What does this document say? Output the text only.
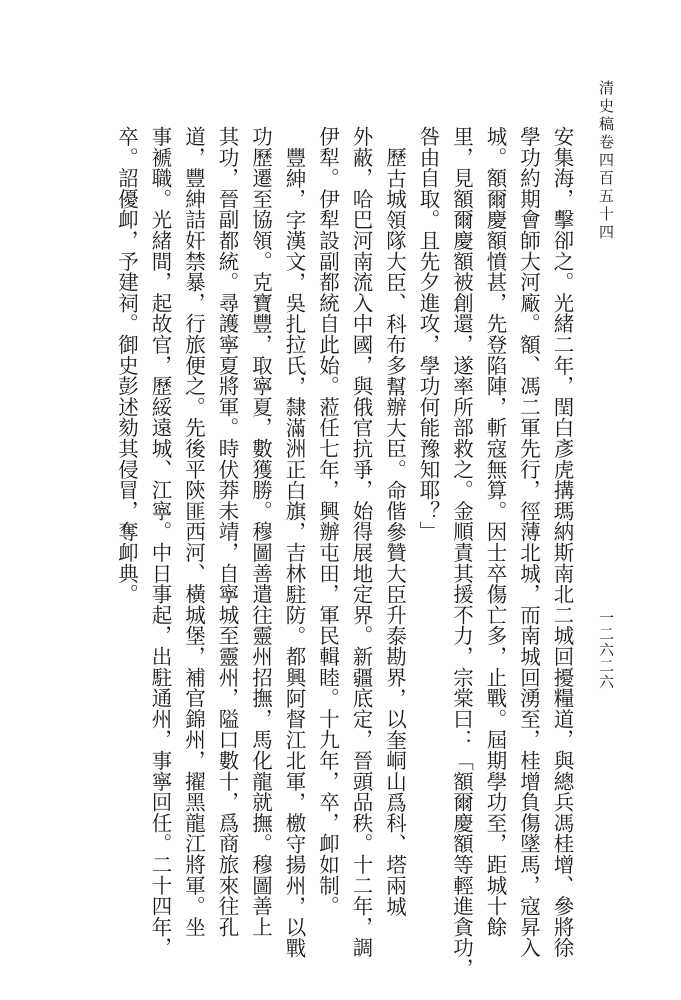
清史稿卷四百五十四
一二六二六
安集海，擊卻之。光緒二年，閏白彥虎搆瑪納斯南北二城回擾糧道，與總兵馮桂增、參將徐
學功約期會師大河廠。額、馮二軍先行，徑薄北城，而南城回湧至，桂增負傷墜馬，寇昇入
城。額爾慶額憤甚，先登陷陣，斬寇無算。因士卒傷亡多，止戰。屆期學功至，距城十餘
里，見額爾慶額被創還，遂率所部救之。金順責其援不力，宗棠曰：「額爾慶額等輕進貪功，
咎由自取。且先夕進攻，學功何能豫知耶？」
歷古城領隊大臣、科布多幫辦大臣。命偕參贊大臣升泰勘界，以奎峒山爲科、塔兩城
外蔽，哈巴河南流入中國，與俄官抗爭，始得展地定界。新疆底定，晉頭品秩。十二年，調
伊犁。伊犁設副都統自此始。蒞任七年，興辦屯田，軍民輯睦。十九年，卒，卹如制。
豐紳，字漢文，吳扎拉氏，隸滿洲正白旗，吉林駐防。都興阿督江北軍，檄守揚州，以戰
功歷遷至協領。克寶豐，取寧夏，數獲勝。穆圖善遣往靈州招撫，馬化龍就撫。穆圖善上
其功，晉副都統。尋護寧夏將軍。時伏莽未靖，自寧城至靈州，隘口數十，爲商旅來往孔
道，豐紳詰奸禁暴，行旅便之。先後平陝匪西河、橫城堡，補官錦州，擢黑龍江將軍。坐
事褫職。光緒間，起故官，歷綏遠城、江寧。中日事起，出駐通州，事寧回任。二十四年，
卒。詔優卹，予建祠。御史彭述劾其侵冒，奪卹典。
